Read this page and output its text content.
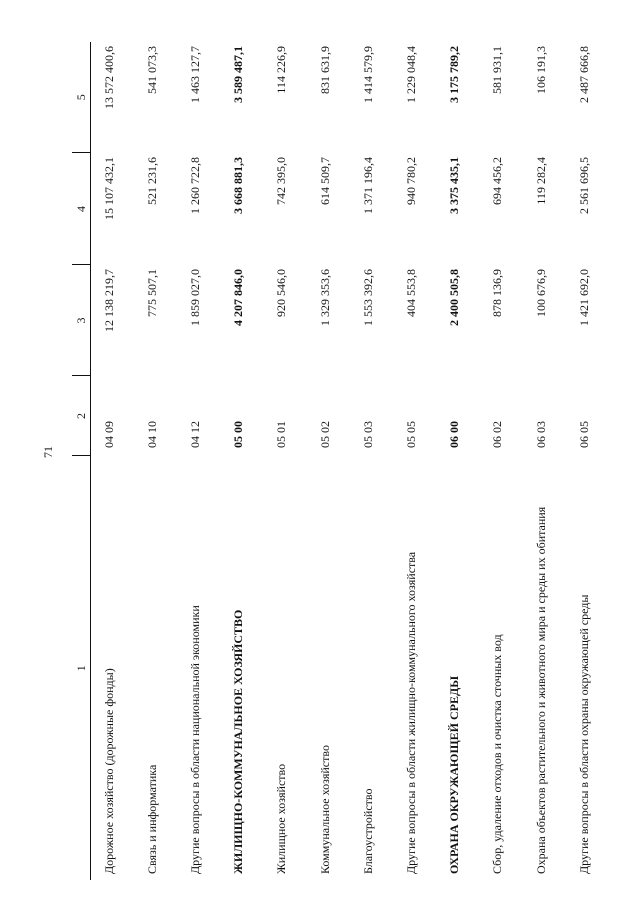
71
1	2	3	4	5
Дорожное хозяйство (дорожные фонды)	04 09	12 138 219,7	15 107 432,1	13 572 400,6
Связь и информатика	04 10	775 507,1	521 231,6	541 073,3
Другие вопросы в области национальной экономики	04 12	1 859 027,0	1 260 722,8	1 463 127,7
ЖИЛИЩНО-КОММУНАЛЬНОЕ ХОЗЯЙСТВО	05 00	4 207 846,0	3 668 881,3	3 589 487,1
Жилищное хозяйство	05 01	920 546,0	742 395,0	114 226,9
Коммунальное хозяйство	05 02	1 329 353,6	614 509,7	831 631,9
Благоустройство	05 03	1 553 392,6	1 371 196,4	1 414 579,9
Другие вопросы в области жилищно-коммунального хозяйства	05 05	404 553,8	940 780,2	1 229 048,4
ОХРАНА ОКРУЖАЮЩЕЙ СРЕДЫ	06 00	2 400 505,8	3 375 435,1	3 175 789,2
Сбор, удаление отходов и очистка сточных вод	06 02	878 136,9	694 456,2	581 931,1
Охрана объектов растительного и животного мира и среды их обитания	06 03	100 676,9	119 282,4	106 191,3
Другие вопросы в области охраны окружающей среды	06 05	1 421 692,0	2 561 696,5	2 487 666,8
